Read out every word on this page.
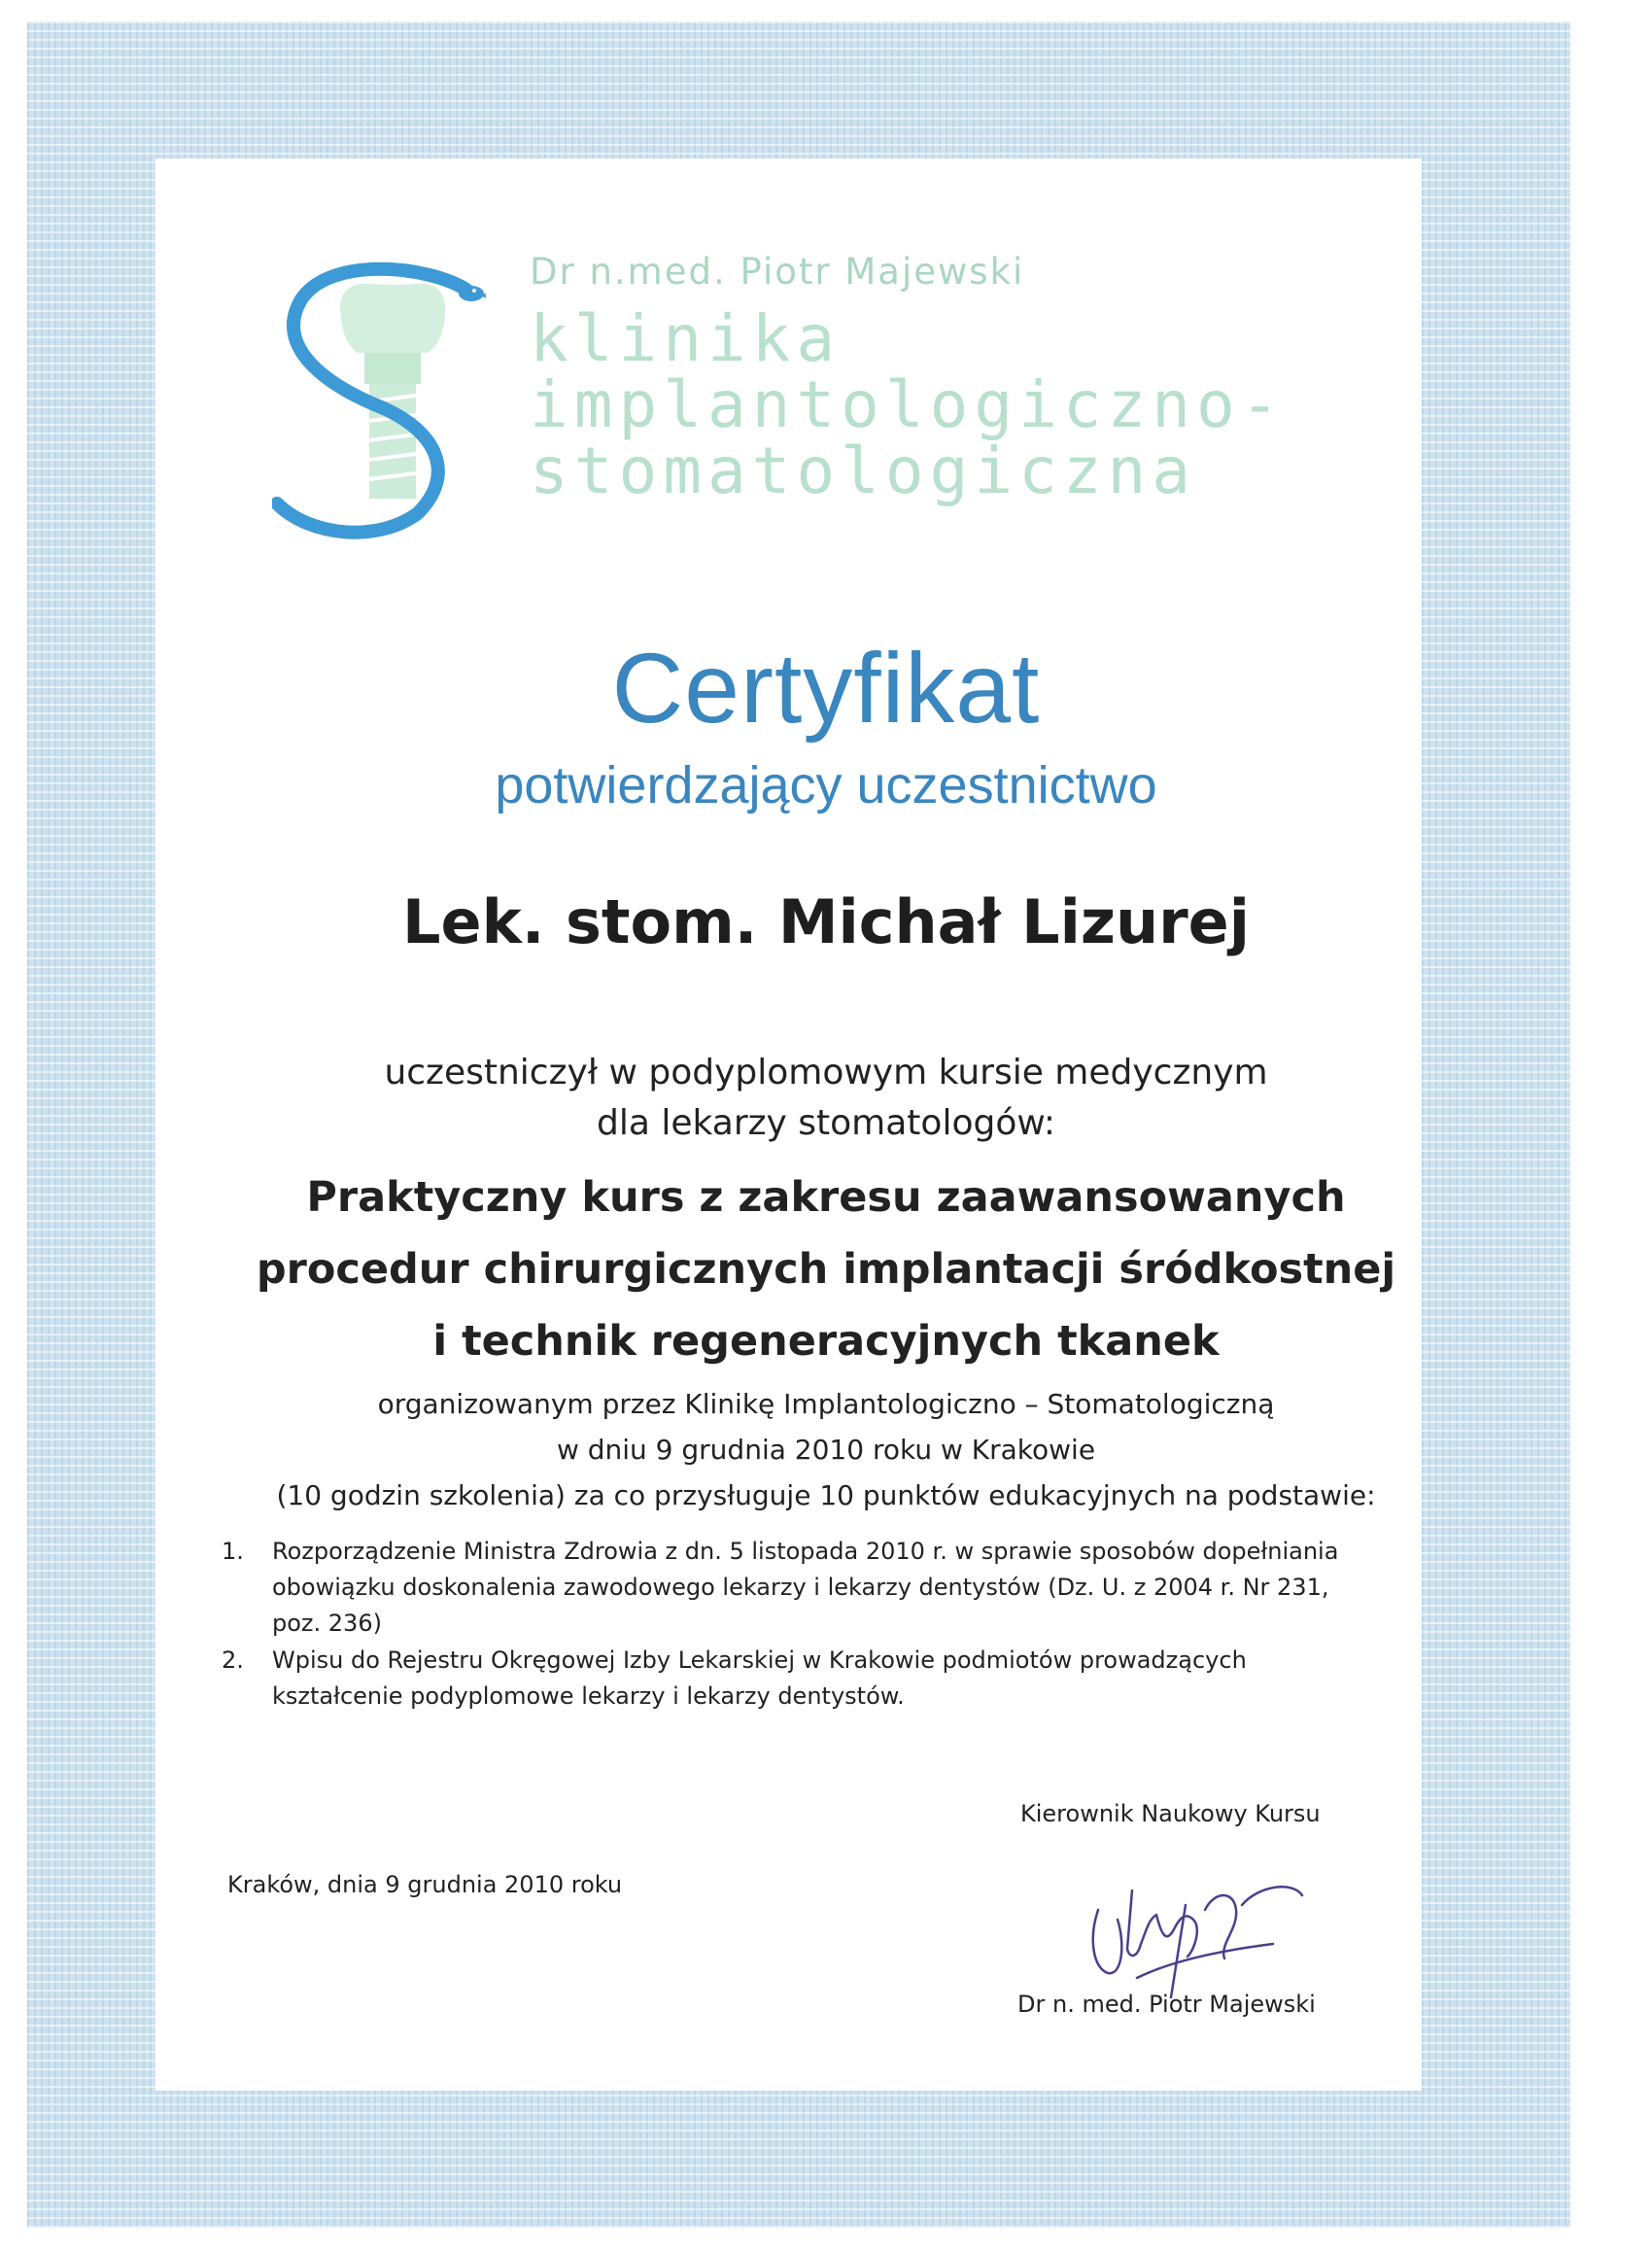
Dr n.med. Piotr Majewski
klinika
implantologiczno-
stomatologiczna
Certyfikat
potwierdzający uczestnictwo
Lek. stom. Michał Lizurej
uczestniczył w podyplomowym kursie medycznym
dla lekarzy stomatologów:
Praktyczny kurs z zakresu zaawansowanych
procedur chirurgicznych implantacji śródkostnej
i technik regeneracyjnych tkanek
organizowanym przez Klinikę Implantologiczno – Stomatologiczną
w dniu 9 grudnia 2010 roku w Krakowie
(10 godzin szkolenia) za co przysługuje 10 punktów edukacyjnych na podstawie:
1. Rozporządzenie Ministra Zdrowia z dn. 5 listopada 2010 r. w sprawie sposobów dopełniania obowiązku doskonalenia zawodowego lekarzy i lekarzy dentystów (Dz. U. z 2004 r. Nr 231, poz. 236)
2. Wpisu do Rejestru Okręgowej Izby Lekarskiej w Krakowie podmiotów prowadzących kształcenie podyplomowe lekarzy i lekarzy dentystów.
Kraków, dnia 9 grudnia 2010 roku
Kierownik Naukowy Kursu
Dr n. med. Piotr Majewski
